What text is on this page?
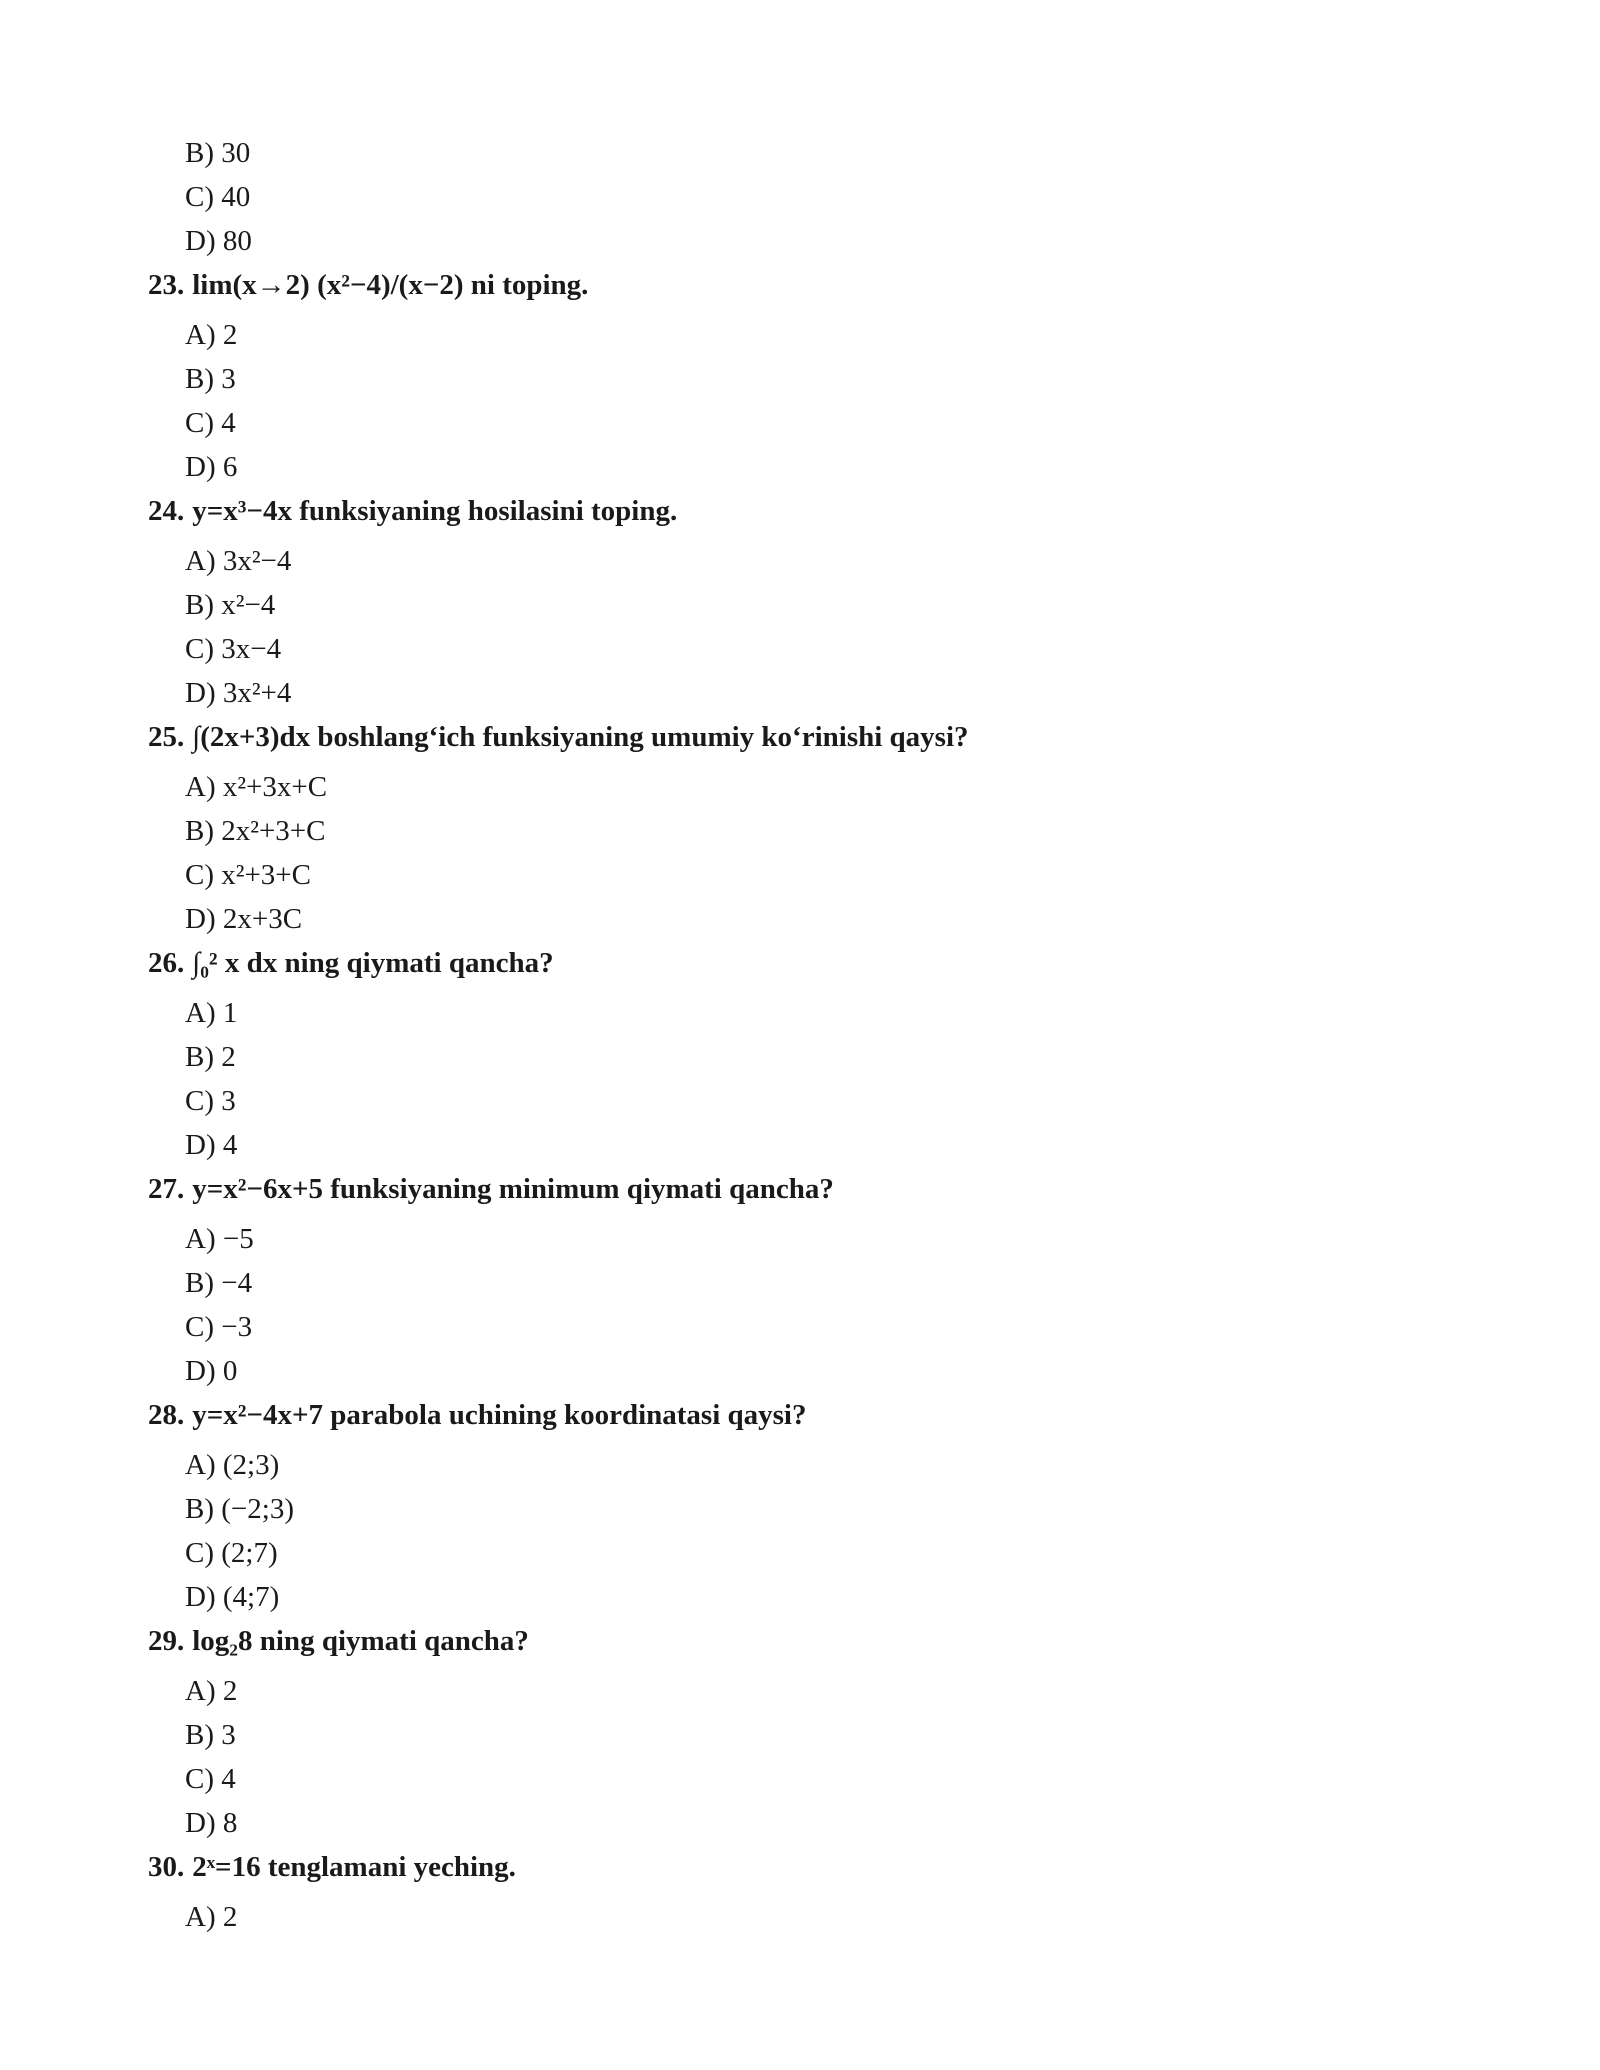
B) 30
C) 40
D) 80
23. lim(x→2) (x²−4)/(x−2) ni toping.
A) 2
B) 3
C) 4
D) 6
24. y=x³−4x funksiyaning hosilasini toping.
A) 3x²−4
B) x²−4
C) 3x−4
D) 3x²+4
25. ∫(2x+3)dx boshlang‘ich funksiyaning umumiy ko‘rinishi qaysi?
A) x²+3x+C
B) 2x²+3+C
C) x²+3+C
D) 2x+3C
26. ∫₀² x dx ning qiymati qancha?
A) 1
B) 2
C) 3
D) 4
27. y=x²−6x+5 funksiyaning minimum qiymati qancha?
A) −5
B) −4
C) −3
D) 0
28. y=x²−4x+7 parabola uchining koordinatasi qaysi?
A) (2;3)
B) (−2;3)
C) (2;7)
D) (4;7)
29. log₂8 ning qiymati qancha?
A) 2
B) 3
C) 4
D) 8
30. 2ˣ=16 tenglamani yeching.
A) 2
